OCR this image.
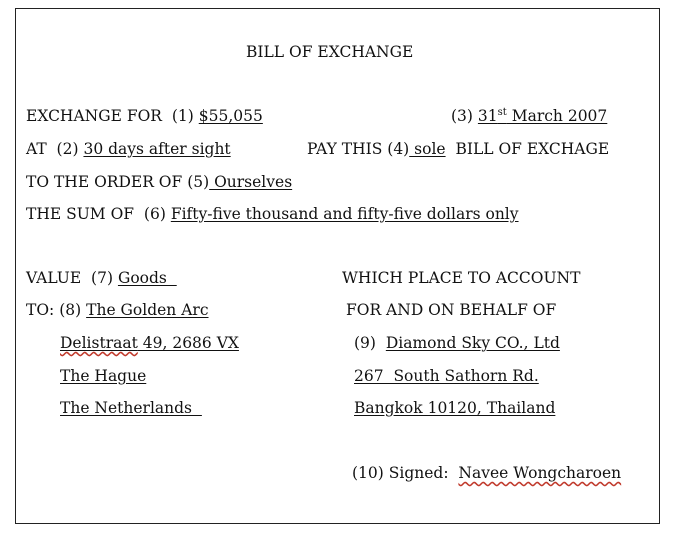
BILL OF EXCHANGE
EXCHANGE FOR (1) $55,055	(3) 31st March 2007
AT (2) 30 days after sight	PAY THIS (4) sole BILL OF EXCHAGE
TO THE ORDER OF (5) Ourselves
THE SUM OF (6) Fifty-five thousand and fifty-five dollars only
VALUE (7) Goods	WHICH PLACE TO ACCOUNT
TO: (8) The Golden Arc	FOR AND ON BEHALF OF
Delistraat 49, 2686 VX	(9) Diamond Sky CO., Ltd
The Hague	267  South Sathorn Rd.
The Netherlands	Bangkok 10120, Thailand
(10) Signed: Navee Wongcharoen
